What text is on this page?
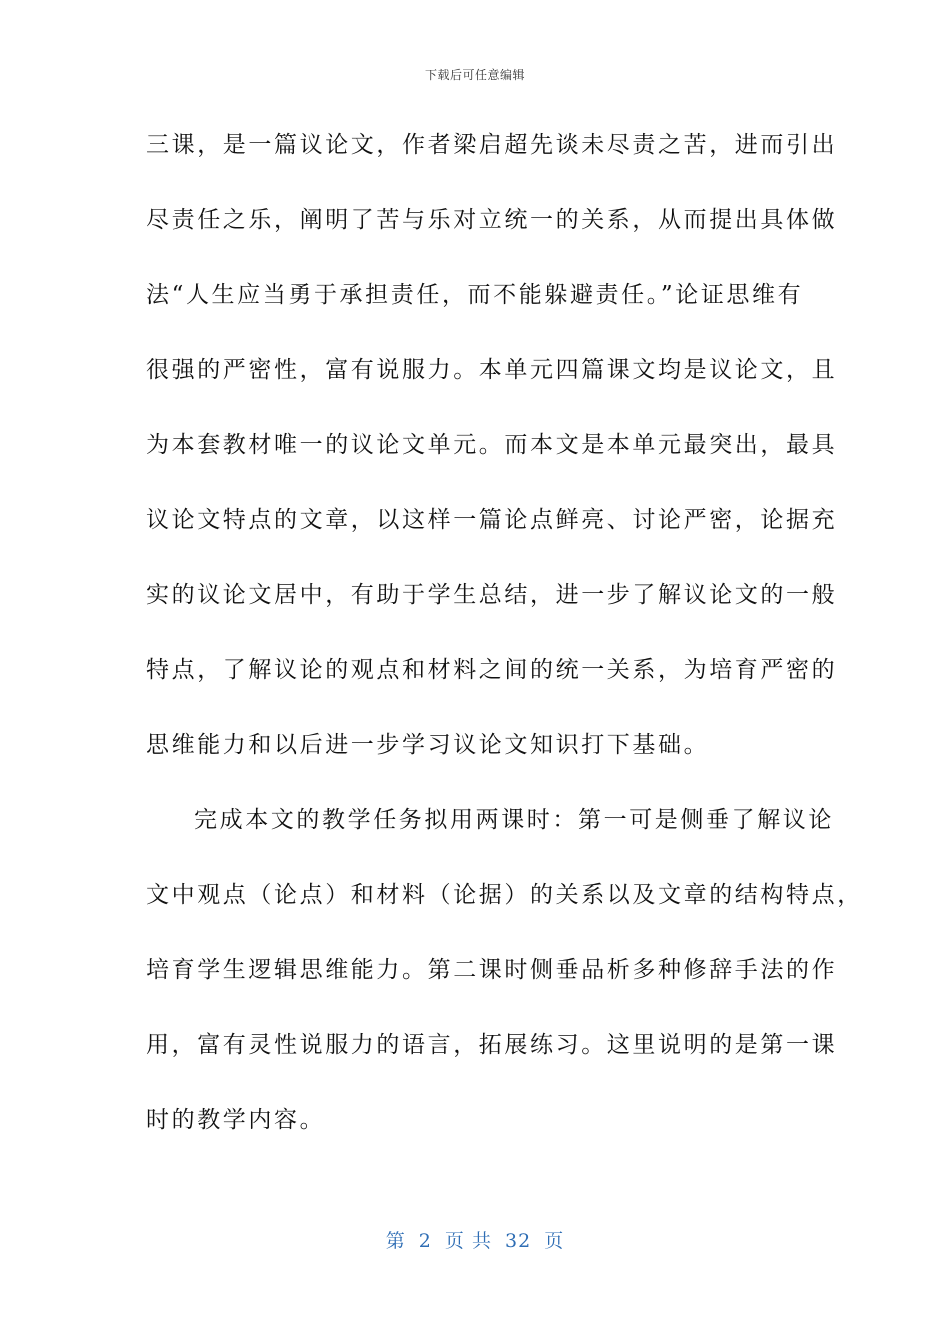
下载后可任意编辑
三课，是一篇议论文，作者梁启超先谈未尽责之苦，进而引出
尽责任之乐，阐明了苦与乐对立统一的关系，从而提出具体做
法“人生应当勇于承担责任，而不能躲避责任。”论证思维有
很强的严密性，富有说服力。本单元四篇课文均是议论文，且
为本套教材唯一的议论文单元。而本文是本单元最突出，最具
议论文特点的文章，以这样一篇论点鲜亮、讨论严密，论据充
实的议论文居中，有助于学生总结，进一步了解议论文的一般
特点，了解议论的观点和材料之间的统一关系，为培育严密的
思维能力和以后进一步学习议论文知识打下基础。
完成本文的教学任务拟用两课时：第一可是侧垂了解议论
文中观点（论点）和材料（论据）的关系以及文章的结构特点，
培育学生逻辑思维能力。第二课时侧垂品析多种修辞手法的作
用，富有灵性说服力的语言，拓展练习。这里说明的是第一课
时的教学内容。
第 2 页 共 32 页
